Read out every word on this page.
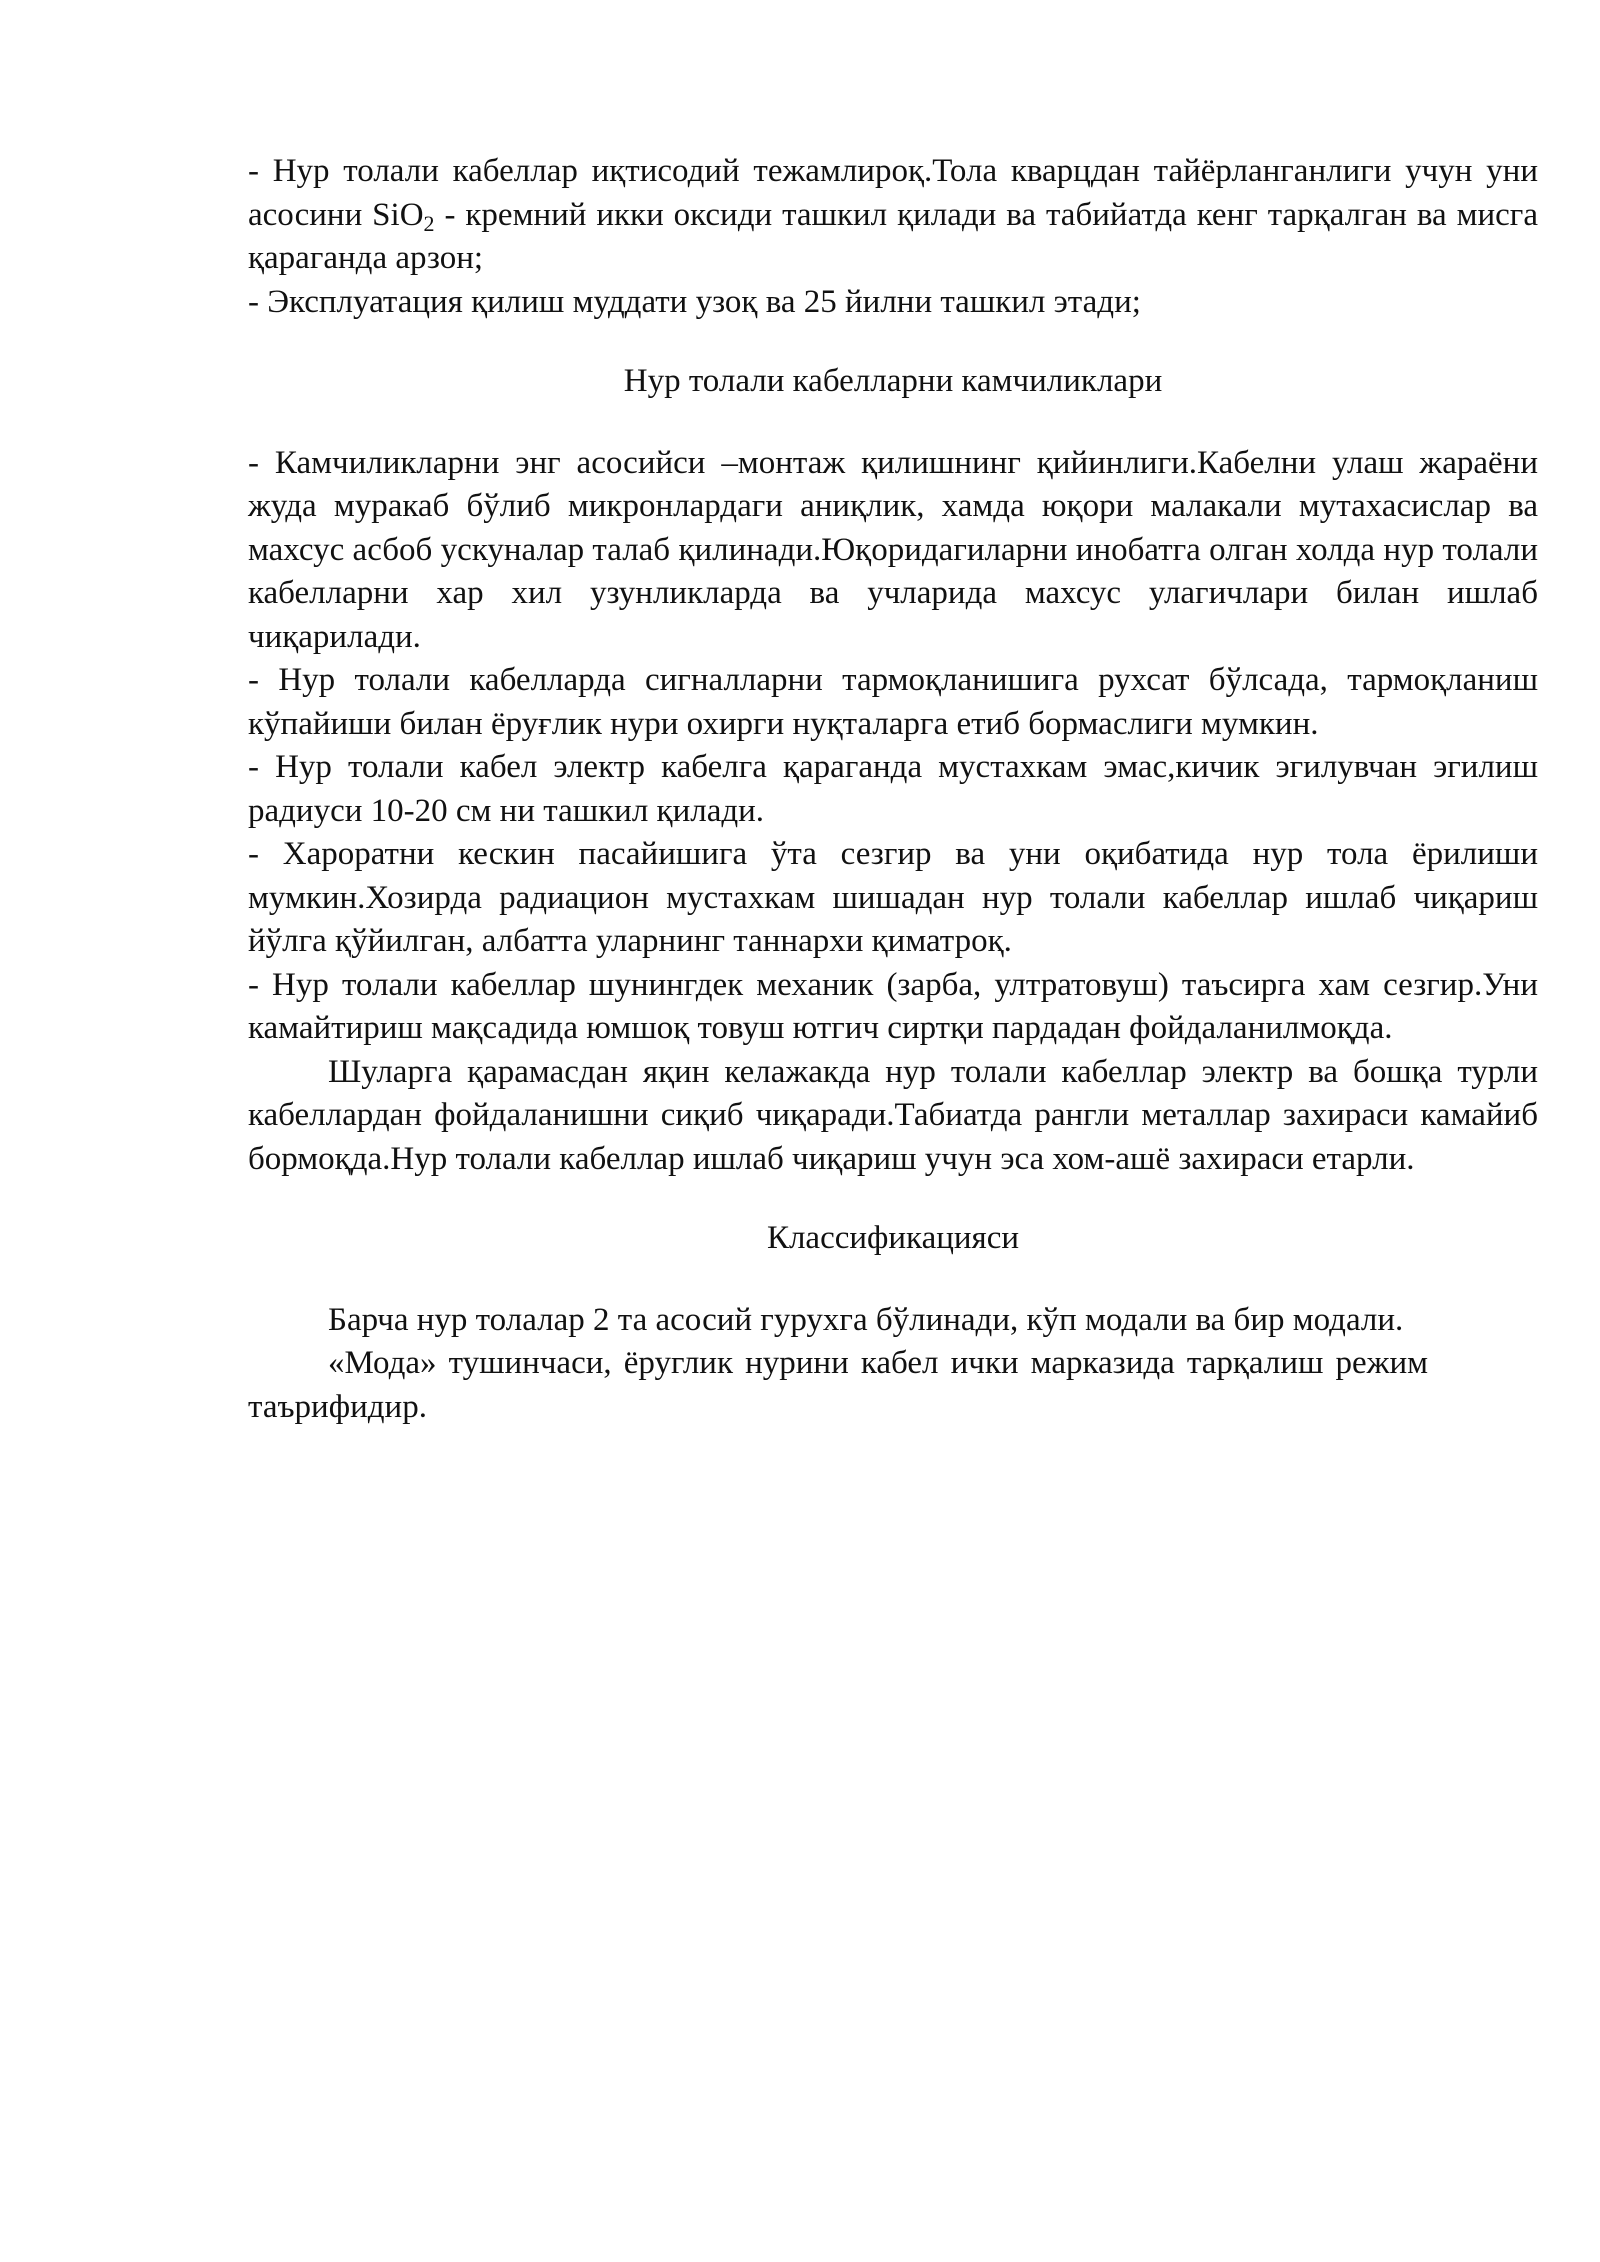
- Нур толали кабеллар иқтисодий тежамлироқ.Тола кварцдан тайёрланганлиги учун уни асосини SiO$_2$ - кремний икки оксиди ташкил қилади ва табийатда кенг тарқалган ва мисга қараганда арзон;

- Эксплуатация қилиш муддати узоқ ва 25 йилни ташкил этади;

Нур толали кабелларни камчиликлари

- Камчиликларни энг асосийси –монтаж қилишнинг қийинлиги.Кабелни улаш жараёни жуда муракаб бўлиб микронлардаги аниқлик, хамда юқори малакали мутахасислар ва махсус асбоб ускуналар талаб қилинади.Юқоридагиларни инобатга олган холда нур толали кабелларни хар хил узунликларда ва учларида махсус улагичлари билан ишлаб чиқарилади.

- Нур толали кабелларда сигналларни тармоқланишига рухсат бўлсада, тармоқланиш кўпайиши билан ёруғлик нури охирги нуқталарга етиб бормаслиги мумкин.

- Нур толали кабел электр кабелга қараганда мустахкам эмас,кичик эгилувчан эгилиш радиуси 10-20 см ни ташкил қилади.

- Хароратни кескин пасайишига ўта сезгир ва уни оқибатида нур тола ёрилиши мумкин.Хозирда радиацион мустахкам шишадан нур толали кабеллар ишлаб чиқариш йўлга қўйилган, албатта уларнинг таннархи қиматроқ.

- Нур толали кабеллар шунингдек механик (зарба, ултратовуш) таъсирга хам сезгир.Уни камайтириш мақсадида юмшоқ товуш ютгич сиртқи пардадан фойдаланилмоқда.

Шуларга қарамасдан яқин келажакда нур толали кабеллар электр ва бошқа турли кабеллардан фойдаланишни сиқиб чиқаради.Табиатда рангли металлар захираси камайиб бормоқда.Нур толали кабеллар ишлаб чиқариш учун эса хом-ашё захираси етарли.

Классификацияси

Барча нур толалар 2 та асосий гурухга бўлинади, кўп модали ва бир модали.

«Мода» тушинчаси, ёруглик нурини кабел ички марказида тарқалиш режим таърифидир.
